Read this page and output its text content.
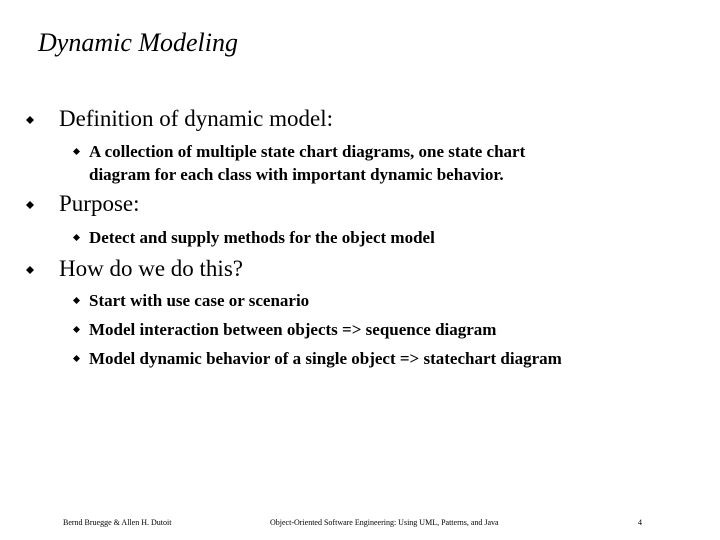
Dynamic Modeling
Definition of dynamic model:
A collection of multiple state chart diagrams, one state chart
diagram for each class with important dynamic behavior.
Purpose:
Detect and supply methods for the object model
How do we do this?
Start with use case or scenario
Model interaction between objects => sequence diagram
Model dynamic behavior of a single object => statechart diagram
Bernd Bruegge & Allen H. Dutoit	Object-Oriented Software Engineering: Using UML, Patterns, and Java	4
